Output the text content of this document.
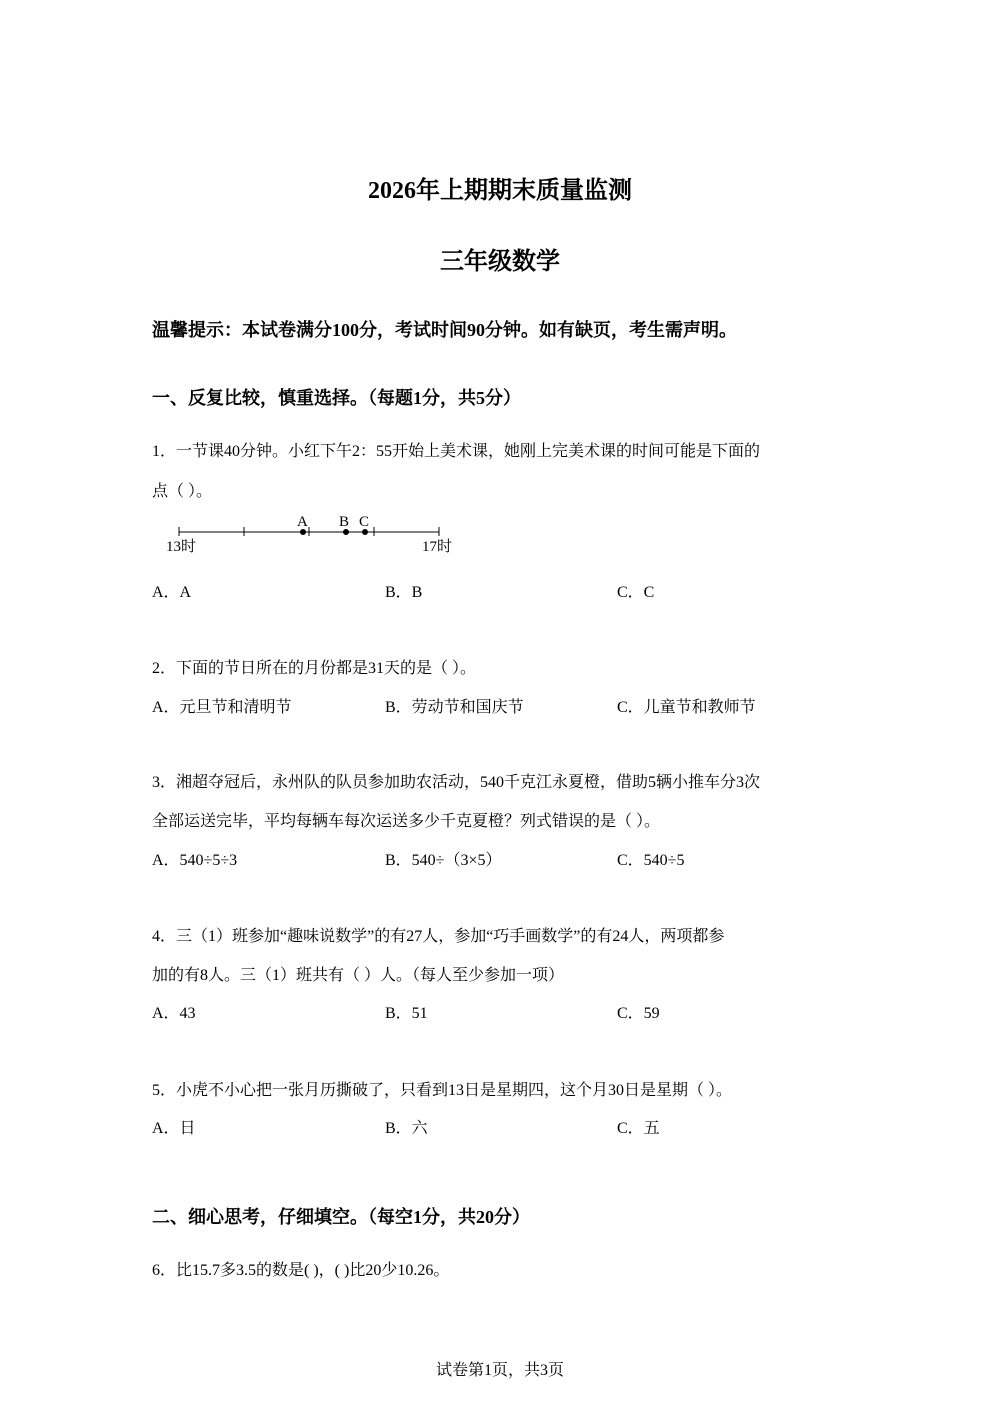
2026年上期期末质量监测
三年级数学
温馨提示：本试卷满分100分，考试时间90分钟。如有缺页，考生需声明。
一、反复比较，慎重选择。（每题1分，共5分）
1．一节课40分钟。小红下午2：55开始上美术课，她刚上完美术课的时间可能是下面的
点（ ）。
A B C
13时	17时
A．A	B．B	C．C
2．下面的节日所在的月份都是31天的是（ ）。
A．元旦节和清明节	B．劳动节和国庆节	C．儿童节和教师节
3．湘超夺冠后，永州队的队员参加助农活动，540千克江永夏橙，借助5辆小推车分3次
全部运送完毕，平均每辆车每次运送多少千克夏橙？列式错误的是（ ）。
A．540÷5÷3	B．540÷（3×5）	C．540÷5
4．三（1）班参加“趣味说数学”的有27人，参加“巧手画数学”的有24人，两项都参
加的有8人。三（1）班共有（ ）人。（每人至少参加一项）
A．43	B．51	C．59
5．小虎不小心把一张月历撕破了，只看到13日是星期四，这个月30日是星期（ ）。
A．日	B．六	C．五
二、细心思考，仔细填空。（每空1分，共20分）
6．比15.7多3.5的数是( )，( )比20少10.26。
试卷第1页，共3页
